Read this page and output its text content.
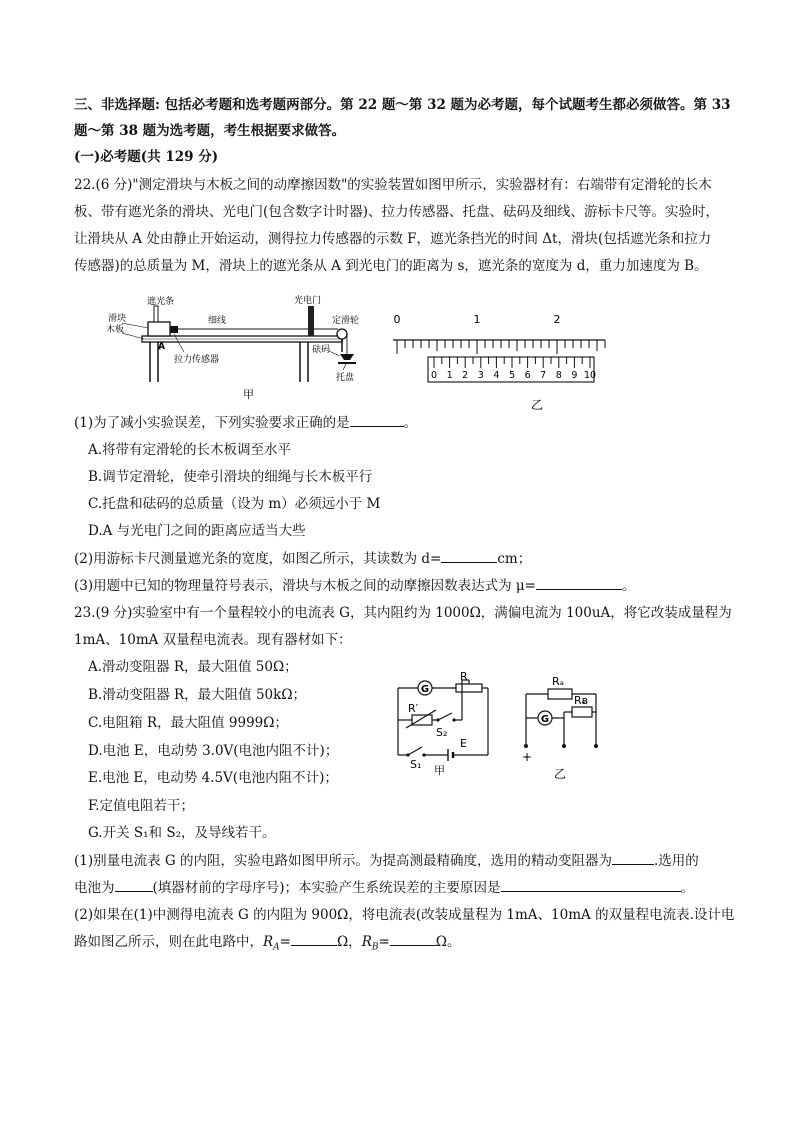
三、非选择题: 包括必考题和选考题两部分。第 22 题～第 32 题为必考题，每个试题考生都必须做答。第 33
题～第 38 题为选考题，考生根据要求做答。
(一)必考题(共 129 分)
22.(6 分)"测定滑块与木板之间的动摩擦因数"的实验装置如图甲所示，实验器材有：右端带有定滑轮的长木
板、带有遮光条的滑块、光电门(包含数字计时器)、拉力传感器、托盘、砝码及细线、游标卡尺等。实验时，
让滑块从 A 处由静止开始运动，测得拉力传感器的示数 F，遮光条挡光的时间 Δt，滑块(包括遮光条和拉力
传感器)的总质量为 M，滑块上的遮光条从 A 到光电门的距离为 s，遮光条的宽度为 d，重力加速度为 B。
遮光条
滑块
木板
细线
光电门
定滑轮
A
拉力传感器
砝码
托盘
甲
0	1	2
0 1 2 3 4 5 6 7 8 9 10
乙
(1)为了减小实验误差，下列实验要求正确的是	。
A.将带有定滑轮的长木板调至水平
B.调节定滑轮，使牵引滑块的细绳与长木板平行
C.托盘和砝码的总质量（设为 m）必须远小于 M
D.A 与光电门之间的距离应适当大些
(2)用游标卡尺测量遮光条的宽度，如图乙所示，其读数为 d=	cm；
(3)用题中已知的物理量符号表示，滑块与木板之间的动摩擦因数表达式为 μ=	。
23.(9 分)实验室中有一个量程较小的电流表 G，其内阻约为 1000Ω，满偏电流为 100uA，将它改装成量程为
1mA、10mA 双量程电流表。现有器材如下：
A.滑动变阻器 R，最大阻值 50Ω；
B.滑动变阻器 R，最大阻值 50kΩ；
C.电阻箱 R，最大阻值 9999Ω；
D.电池 E，电动势 3.0V(电池内阻不计)；
E.电池 E，电动势 4.5V(电池内阻不计)；
F.定值电阻若干；
G.开关 S₁和 S₂，及导线若干。
G
R
R′
S₂
E
S₁ 甲
Rₐ
Rᴃ
G
+
乙
(1)别量电流表 G 的内阻，实验电路如图甲所示。为提高测最精确度，选用的精动变阻器为	.选用的
电池为	(填器材前的字母序号)；本实验产生系统误差的主要原因是	。
(2)如果在(1)中测得电流表 G 的内阻为 900Ω，将电流表(改装成量程为 1mA、10mA 的双量程电流表.设计电
路如图乙所示，则在此电路中，$R_A=$	Ω，$R_B=$	Ω。
